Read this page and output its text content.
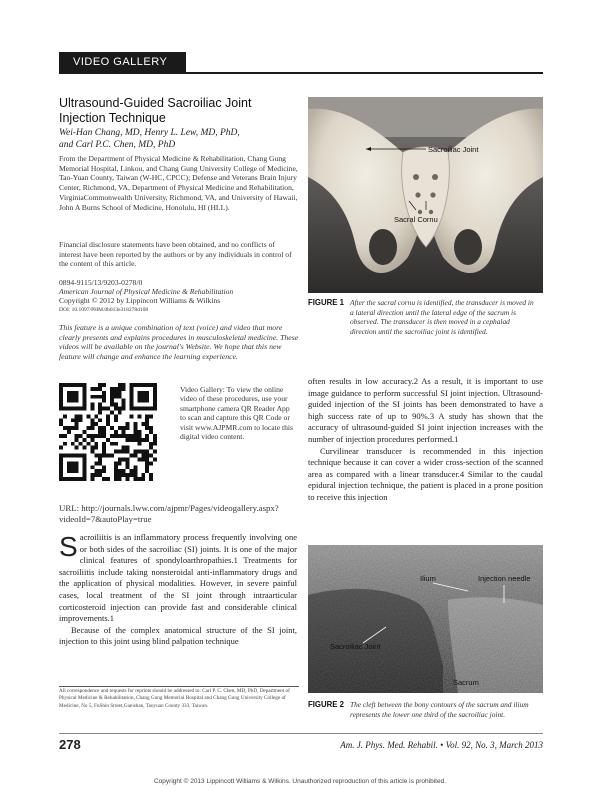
VIDEO GALLERY
Ultrasound-Guided Sacroiliac Joint
Injection Technique
Wei-Han Chang, MD, Henry L. Lew, MD, PhD,
and Carl P.C. Chen, MD, PhD
From the Department of Physical Medicine & Rehabilitation, Chang Gung Memorial Hospital, Linkou, and Chang Gung University College of Medicine, Tao-Yuan County, Taiwan (W-HC, CPCC); Defense and Veterans Brain Injury Center, Richmond, VA, Department of Physical Medicine and Rehabilitation, VirginiaCommonwealth University, Richmond, VA, and University of Hawaii, John A Burns School of Medicine, Honolulu, HI (HLL).
Financial disclosure statements have been obtained, and no conflicts of interest have been reported by the authors or by any individuals in control of the content of this article.
0894-9115/13/9203-0278/0
American Journal of Physical Medicine & Rehabilitation
Copyright © 2012 by Lippincott Williams & Wilkins
DOI: 10.1097/PHM.0b013e318278d108
This feature is a unique combination of text (voice) and video that more clearly presents and explains procedures in musculoskeletal medicine. These videos will be available on the journal's Website. We hope that this new feature will change and enhance the learning experience.
Video Gallery: To view the online video of these procedures, use your smartphone camera QR Reader App to scan and capture this QR Code or visit www.AJPMR.com to locate this digital video content.
URL: http://journals.lww.com/ajpmr/Pages/videogallery.aspx?videoId=7&autoPlay=true

Sacroiliitis is an inflammatory process frequently involving one or both sides of the sacroiliac (SI) joints. It is one of the major clinical features of spondyloarthropathies.1 Treatments for sacroiliitis include taking nonsteroidal anti-inflammatory drugs and the application of physical modalities. However, in severe painful cases, local treatment of the SI joint through intraarticular corticosteroid injection can provide fast and considerable clinical improvements.1

Because of the complex anatomical structure of the SI joint, injection to this joint using blind palpation technique

All correspondence and requests for reprints should be addressed to: Carl P. C. Chen, MD, PhD, Department of Physical Medicine & Rehabilitation, Chang Gung Memorial Hospital and Chang Gung University College of Medicine, No 5, FuShin Street,Gueishan, Taoyuan County 333, Taiwan.
Sacroiliac Joint
Sacral Cornu
FIGURE 1 After the sacral cornu is identified, the transducer is moved in a lateral direction until the lateral edge of the sacrum is observed. The transducer is then moved in a cephalad direction until the sacroiliac joint is identified.

often results in low accuracy.2 As a result, it is important to use image guidance to perform successful SI joint injection. Ultrasound-guided injection of the SI joints has been demonstrated to have a high success rate of up to 90%.3 A study has shown that the accuracy of ultrasound-guided SI joint injection increases with the number of injection procedures performed.1

Curvilinear transducer is recommended in this injection technique because it can cover a wider cross-section of the scanned area as compared with a linear transducer.4 Similar to the caudal epidural injection technique, the patient is placed in a prone position to receive this injection

Ilium	Injection needle
Sacroiliac Joint
Sacrum
FIGURE 2 The cleft between the bony contours of the sacrum and ilium represents the lower one third of the sacroiliac joint.
278	Am. J. Phys. Med. Rehabil. • Vol. 92, No. 3, March 2013
Copyright © 2013 Lippincott Williams & Wilkins. Unauthorized reproduction of this article is prohibited.
